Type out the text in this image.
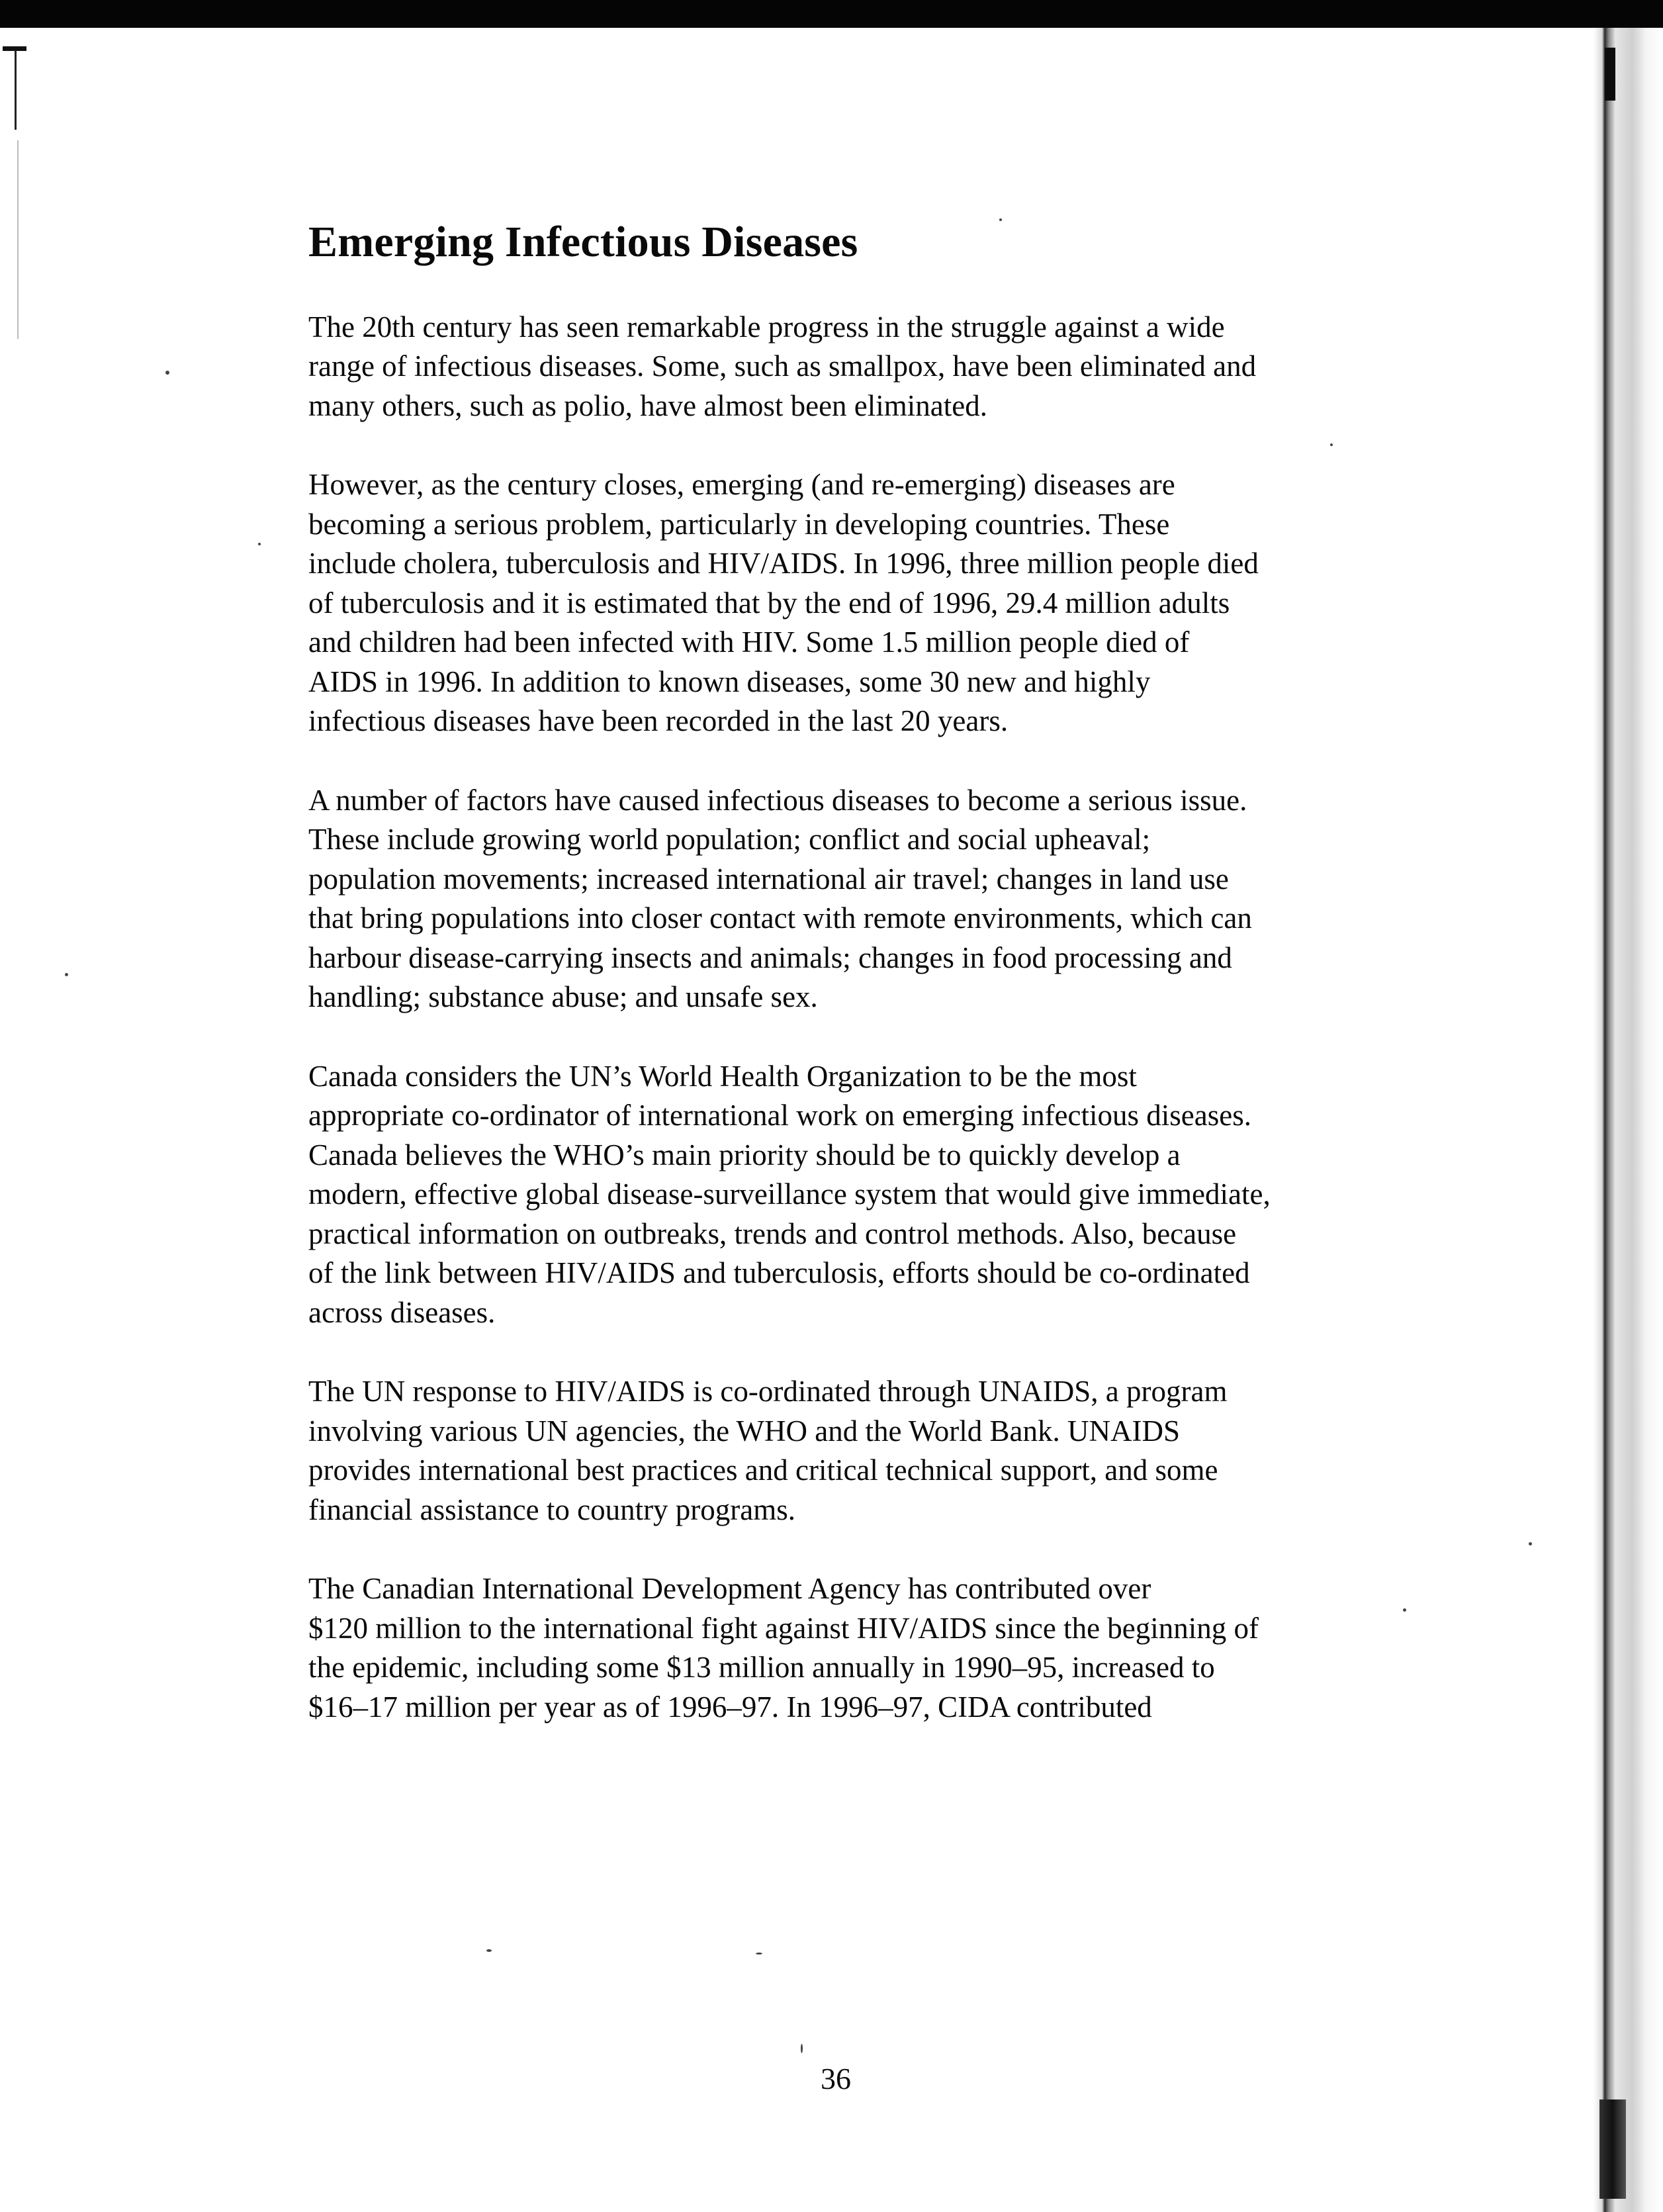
Emerging Infectious Diseases

The 20th century has seen remarkable progress in the struggle against a wide
range of infectious diseases. Some, such as smallpox, have been eliminated and
many others, such as polio, have almost been eliminated.

However, as the century closes, emerging (and re-emerging) diseases are
becoming a serious problem, particularly in developing countries. These
include cholera, tuberculosis and HIV/AIDS. In 1996, three million people died
of tuberculosis and it is estimated that by the end of 1996, 29.4 million adults
and children had been infected with HIV. Some 1.5 million people died of
AIDS in 1996. In addition to known diseases, some 30 new and highly
infectious diseases have been recorded in the last 20 years.

A number of factors have caused infectious diseases to become a serious issue.
These include growing world population; conflict and social upheaval;
population movements; increased international air travel; changes in land use
that bring populations into closer contact with remote environments, which can
harbour disease-carrying insects and animals; changes in food processing and
handling; substance abuse; and unsafe sex.

Canada considers the UN’s World Health Organization to be the most
appropriate co-ordinator of international work on emerging infectious diseases.
Canada believes the WHO’s main priority should be to quickly develop a
modern, effective global disease-surveillance system that would give immediate,
practical information on outbreaks, trends and control methods. Also, because
of the link between HIV/AIDS and tuberculosis, efforts should be co-ordinated
across diseases.

The UN response to HIV/AIDS is co-ordinated through UNAIDS, a program
involving various UN agencies, the WHO and the World Bank. UNAIDS
provides international best practices and critical technical support, and some
financial assistance to country programs.

The Canadian International Development Agency has contributed over
$120 million to the international fight against HIV/AIDS since the beginning of
the epidemic, including some $13 million annually in 1990–95, increased to
$16–17 million per year as of 1996–97. In 1996–97, CIDA contributed

36
